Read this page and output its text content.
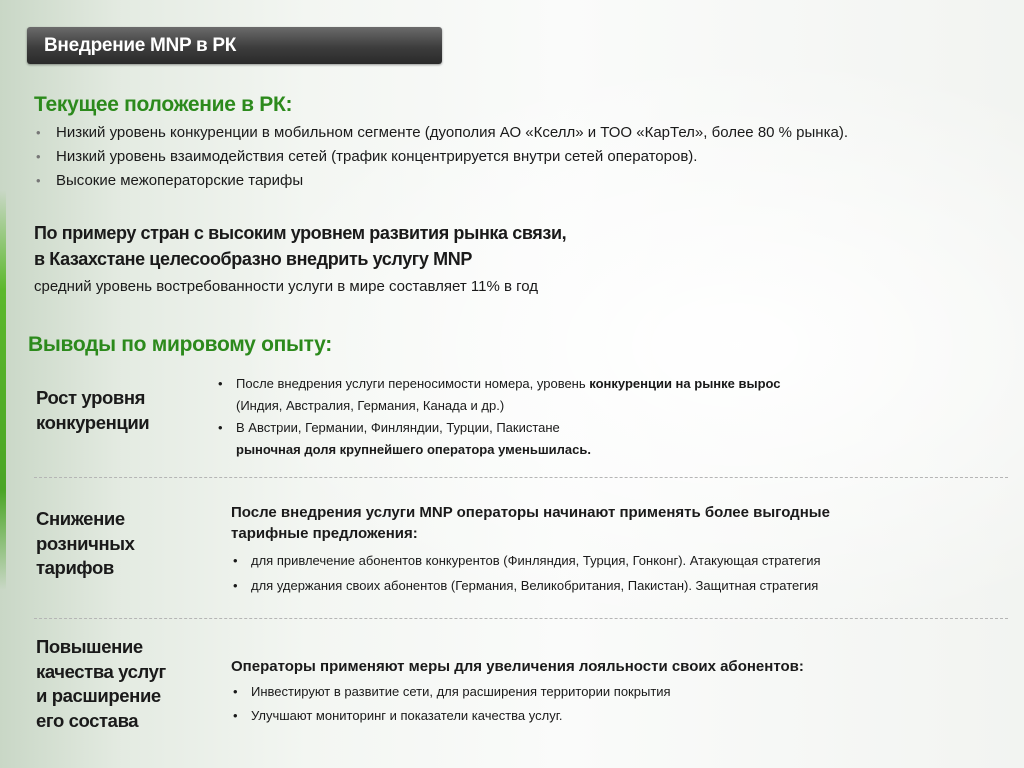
Внедрение MNP в РК
Текущее положение в РК:
• Низкий уровень конкуренции в мобильном сегменте (дуополия АО «Кселл» и ТОО «КарТел», более 80 % рынка).
• Низкий уровень взаимодействия сетей (трафик концентрируется внутри сетей операторов).
• Высокие межоператорские тарифы
По примеру стран с высоким уровнем развития рынка связи,
в Казахстане целесообразно внедрить услугу MNP
средний уровень востребованности услуги в мире составляет 11% в год
Выводы по мировому опыту:
Рост уровня
конкуренции
• После внедрения услуги переносимости номера, уровень конкуренции на рынке вырос
(Индия, Австралия, Германия, Канада и др.)
• В Австрии, Германии, Финляндии, Турции, Пакистане
рыночная доля крупнейшего оператора уменьшилась.
Снижение
розничных
тарифов
После внедрения услуги MNP операторы начинают применять более выгодные
тарифные предложения:
• для привлечение абонентов конкурентов (Финляндия, Турция, Гонконг). Атакующая стратегия
• для удержания своих абонентов (Германия, Великобритания, Пакистан). Защитная стратегия
Повышение
качества услуг
и расширение
его состава
Операторы применяют меры для увеличения лояльности своих абонентов:
• Инвестируют в развитие сети, для расширения территории покрытия
• Улучшают мониторинг и показатели качества услуг.
